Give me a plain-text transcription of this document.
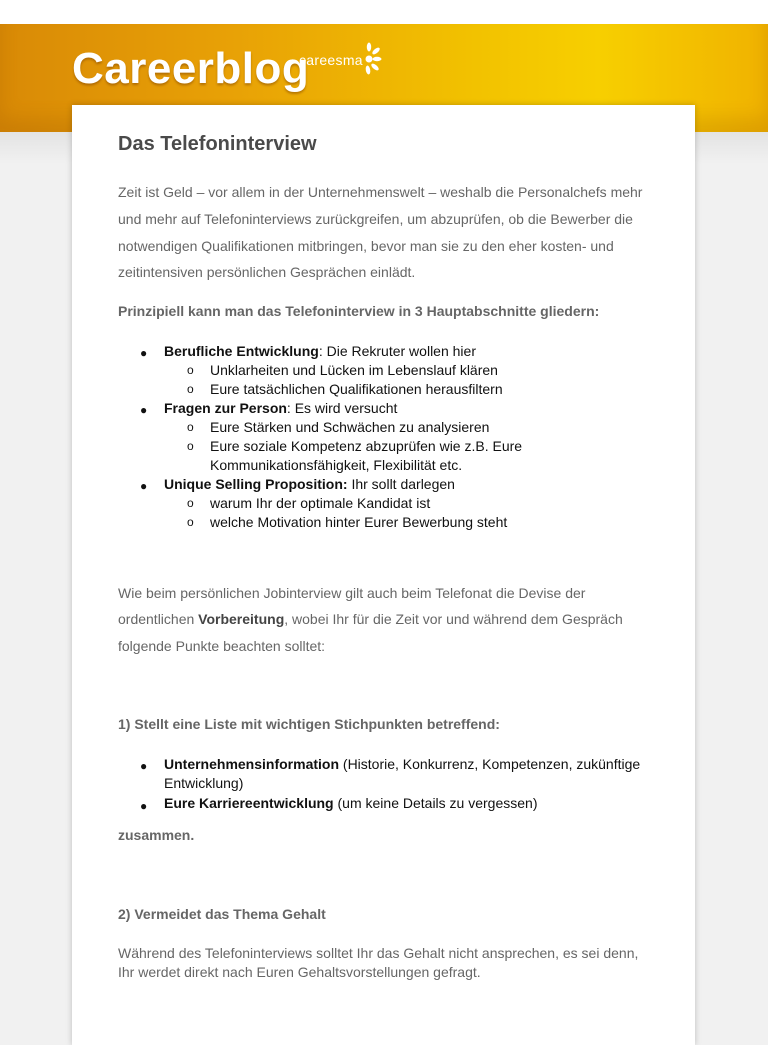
Careerblog
careesma
Das Telefoninterview
Zeit ist Geld – vor allem in der Unternehmenswelt – weshalb die Personalchefs mehr
und mehr auf Telefoninterviews zurückgreifen, um abzuprüfen, ob die Bewerber die
notwendigen Qualifikationen mitbringen, bevor man sie zu den eher kosten- und
zeitintensiven persönlichen Gesprächen einlädt.
Prinzipiell kann man das Telefoninterview in 3 Hauptabschnitte gliedern:
● Berufliche Entwicklung: Die Rekruter wollen hier
o Unklarheiten und Lücken im Lebenslauf klären
o Eure tatsächlichen Qualifikationen herausfiltern
● Fragen zur Person: Es wird versucht
o Eure Stärken und Schwächen zu analysieren
o Eure soziale Kompetenz abzuprüfen wie z.B. Eure
Kommunikationsfähigkeit, Flexibilität etc.
● Unique Selling Proposition: Ihr sollt darlegen
o warum Ihr der optimale Kandidat ist
o welche Motivation hinter Eurer Bewerbung steht
Wie beim persönlichen Jobinterview gilt auch beim Telefonat die Devise der
ordentlichen Vorbereitung, wobei Ihr für die Zeit vor und während dem Gespräch
folgende Punkte beachten solltet:
1) Stellt eine Liste mit wichtigen Stichpunkten betreffend:
● Unternehmensinformation (Historie, Konkurrenz, Kompetenzen, zukünftige
Entwicklung)
● Eure Karriereentwicklung (um keine Details zu vergessen)
zusammen.
2) Vermeidet das Thema Gehalt
Während des Telefoninterviews solltet Ihr das Gehalt nicht ansprechen, es sei denn,
Ihr werdet direkt nach Euren Gehaltsvorstellungen gefragt.
